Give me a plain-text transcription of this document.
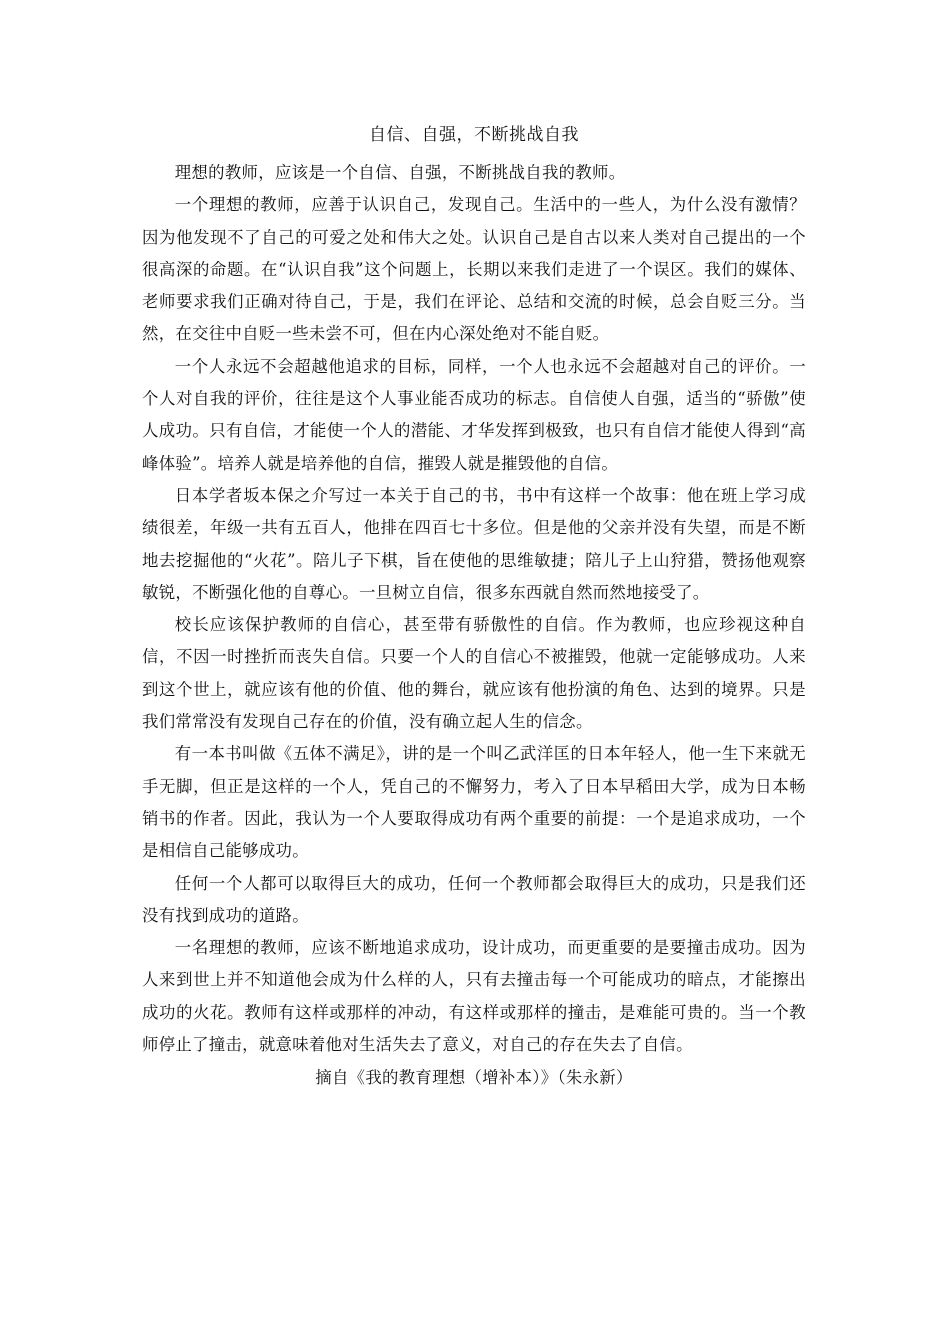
自信、自强，不断挑战自我

理想的教师，应该是一个自信、自强，不断挑战自我的教师。

一个理想的教师，应善于认识自己，发现自己。生活中的一些人，为什么没有激情？因为他发现不了自己的可爱之处和伟大之处。认识自己是自古以来人类对自己提出的一个很高深的命题。在“认识自我”这个问题上，长期以来我们走进了一个误区。我们的媒体、老师要求我们正确对待自己，于是，我们在评论、总结和交流的时候，总会自贬三分。当然，在交往中自贬一些未尝不可，但在内心深处绝对不能自贬。

一个人永远不会超越他追求的目标，同样，一个人也永远不会超越对自己的评价。一个人对自我的评价，往往是这个人事业能否成功的标志。自信使人自强，适当的“骄傲”使人成功。只有自信，才能使一个人的潜能、才华发挥到极致，也只有自信才能使人得到“高峰体验”。培养人就是培养他的自信，摧毁人就是摧毁他的自信。

日本学者坂本保之介写过一本关于自己的书，书中有这样一个故事：他在班上学习成绩很差，年级一共有五百人，他排在四百七十多位。但是他的父亲并没有失望，而是不断地去挖掘他的“火花”。陪儿子下棋，旨在使他的思维敏捷；陪儿子上山狩猎，赞扬他观察敏锐，不断强化他的自尊心。一旦树立自信，很多东西就自然而然地接受了。

校长应该保护教师的自信心，甚至带有骄傲性的自信。作为教师，也应珍视这种自信，不因一时挫折而丧失自信。只要一个人的自信心不被摧毁，他就一定能够成功。人来到这个世上，就应该有他的价值、他的舞台，就应该有他扮演的角色、达到的境界。只是我们常常没有发现自己存在的价值，没有确立起人生的信念。

有一本书叫做《五体不满足》，讲的是一个叫乙武洋匡的日本年轻人，他一生下来就无手无脚，但正是这样的一个人，凭自己的不懈努力，考入了日本早稻田大学，成为日本畅销书的作者。因此，我认为一个人要取得成功有两个重要的前提：一个是追求成功，一个是相信自己能够成功。

任何一个人都可以取得巨大的成功，任何一个教师都会取得巨大的成功，只是我们还没有找到成功的道路。

一名理想的教师，应该不断地追求成功，设计成功，而更重要的是要撞击成功。因为人来到世上并不知道他会成为什么样的人，只有去撞击每一个可能成功的暗点，才能擦出成功的火花。教师有这样或那样的冲动，有这样或那样的撞击，是难能可贵的。当一个教师停止了撞击，就意味着他对生活失去了意义，对自己的存在失去了自信。

摘自《我的教育理想（增补本）》（朱永新）
